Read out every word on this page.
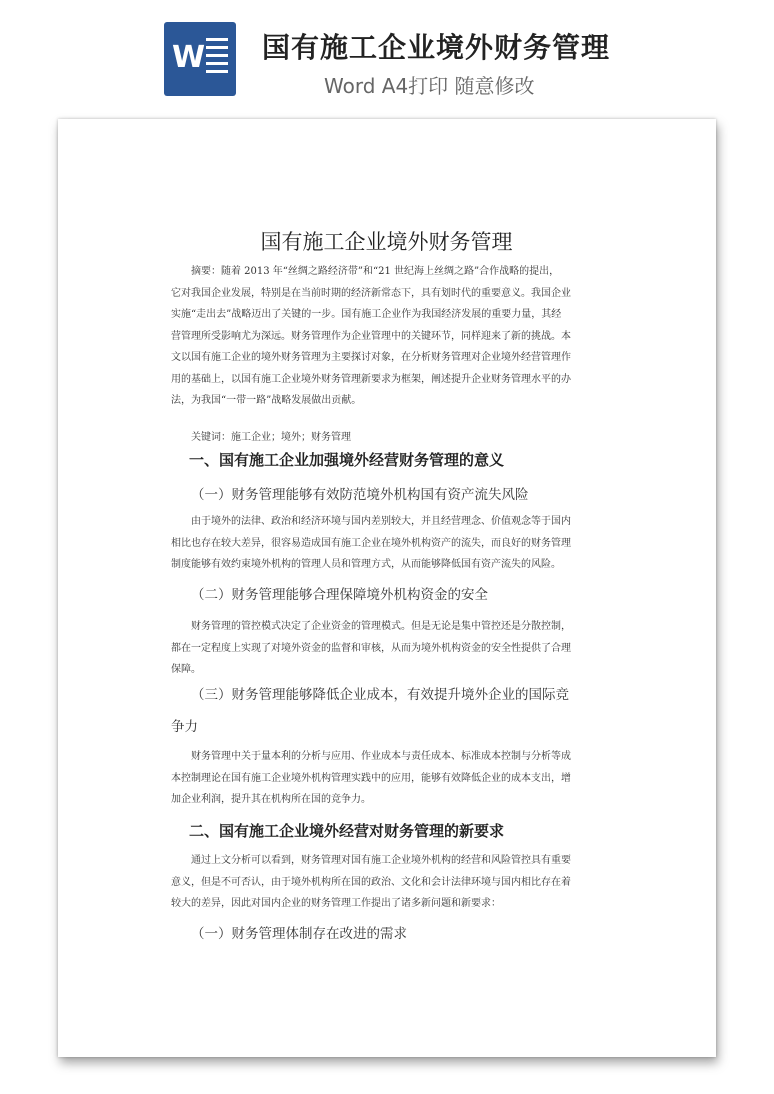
W 国有施工企业境外财务管理
Word A4打印 随意修改
国有施工企业境外财务管理
摘要：随着 2013 年“丝绸之路经济带”和“21 世纪海上丝绸之路”合作战略的提出，
它对我国企业发展，特别是在当前时期的经济新常态下，具有划时代的重要意义。我国企业
实施“走出去”战略迈出了关键的一步。国有施工企业作为我国经济发展的重要力量，其经
营管理所受影响尤为深远。财务管理作为企业管理中的关键环节，同样迎来了新的挑战。本
文以国有施工企业的境外财务管理为主要探讨对象，在分析财务管理对企业境外经营管理作
用的基础上，以国有施工企业境外财务管理新要求为框架，阐述提升企业财务管理水平的办
法，为我国“一带一路”战略发展做出贡献。
关键词：施工企业；境外；财务管理
一、国有施工企业加强境外经营财务管理的意义
（一）财务管理能够有效防范境外机构国有资产流失风险
由于境外的法律、政治和经济环境与国内差别较大，并且经营理念、价值观念等于国内
相比也存在较大差异，很容易造成国有施工企业在境外机构资产的流失，而良好的财务管理
制度能够有效约束境外机构的管理人员和管理方式，从而能够降低国有资产流失的风险。
（二）财务管理能够合理保障境外机构资金的安全
财务管理的管控模式决定了企业资金的管理模式。但是无论是集中管控还是分散控制，
都在一定程度上实现了对境外资金的监督和审核，从而为境外机构资金的安全性提供了合理
保障。
（三）财务管理能够降低企业成本，有效提升境外企业的国际竞
争力
财务管理中关于量本利的分析与应用、作业成本与责任成本、标准成本控制与分析等成
本控制理论在国有施工企业境外机构管理实践中的应用，能够有效降低企业的成本支出，增
加企业利润，提升其在机构所在国的竞争力。
二、国有施工企业境外经营对财务管理的新要求
通过上文分析可以看到，财务管理对国有施工企业境外机构的经营和风险管控具有重要
意义，但是不可否认，由于境外机构所在国的政治、文化和会计法律环境与国内相比存在着
较大的差异，因此对国内企业的财务管理工作提出了诸多新问题和新要求：
（一）财务管理体制存在改进的需求
